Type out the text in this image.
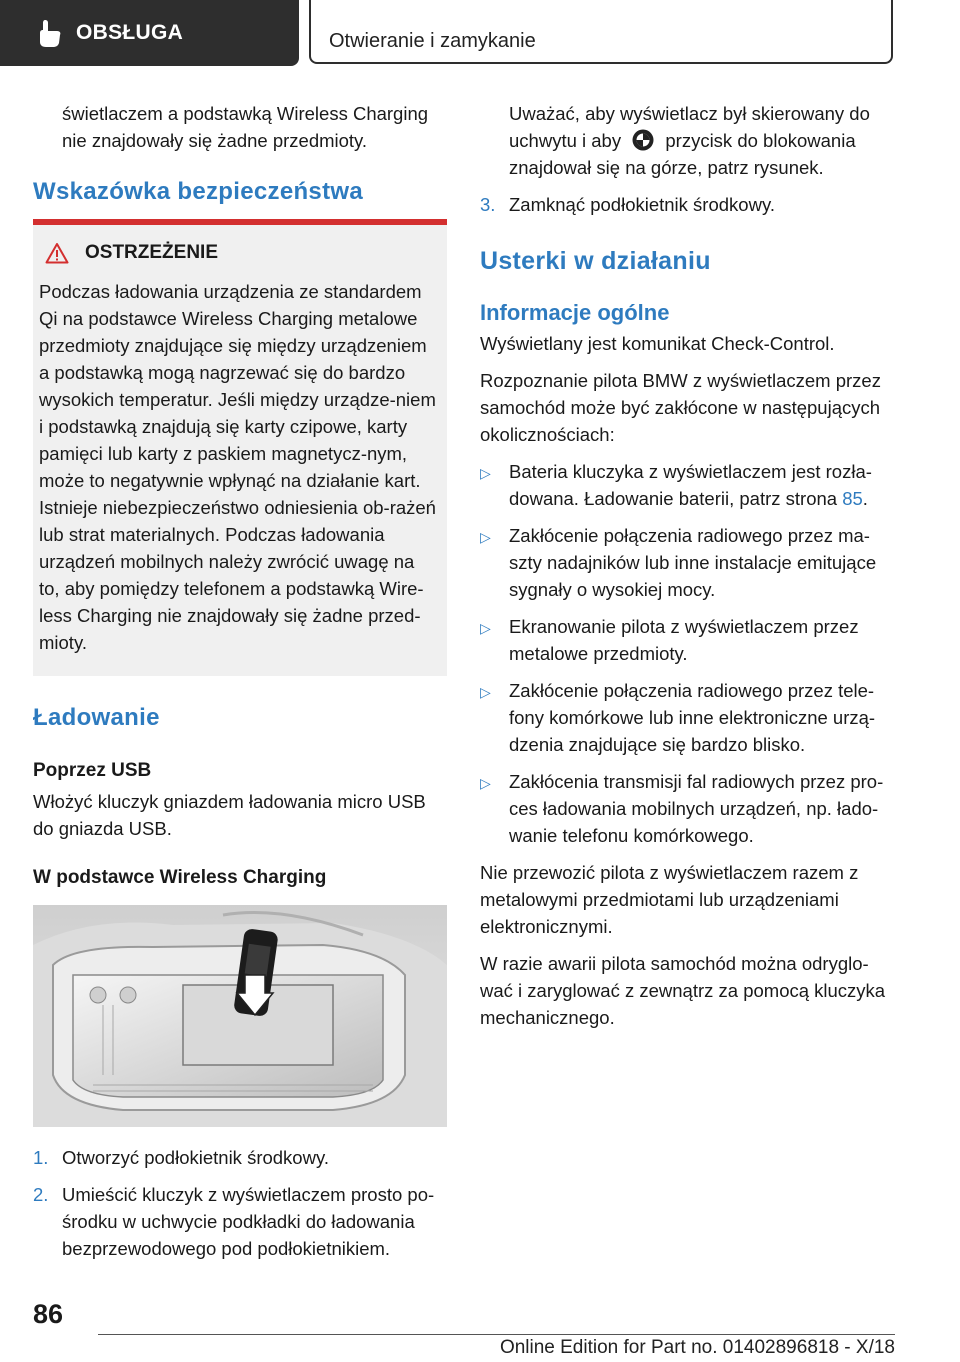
OBSŁUGA	Otwieranie i zamykanie

świetlaczem a podstawką Wireless Charging nie znajdowały się żadne przedmioty.

Wskazówka bezpieczeństwa
OSTRZEŻENIE

Podczas ładowania urządzenia ze standardem Qi na podstawce Wireless Charging metalowe przedmioty znajdujące się między urządzeniem a podstawką mogą nagrzewać się do bardzo wysokich temperatur. Jeśli między urządze-niem i podstawką znajdują się karty czipowe, karty pamięci lub karty z paskiem magnetycz-nym, może to negatywnie wpłynąć na działanie kart. Istnieje niebezpieczeństwo odniesienia ob-rażeń lub strat materialnych. Podczas ładowania urządzeń mobilnych należy zwrócić uwagę na to, aby pomiędzy telefonem a podstawką Wire-less Charging nie znajdowały się żadne przed-mioty.

Ładowanie
Poprzez USB

Włożyć kluczyk gniazdem ładowania micro USB do gniazda USB.

W podstawce Wireless Charging
1. Otworzyć podłokietnik środkowy.
2. Umieścić kluczyk z wyświetlaczem prosto po-środku w uchwycie podkładki do ładowania bezprzewodowego pod podłokietnikiem.

Uważać, aby wyświetlacz był skierowany do uchwytu i aby przycisk do blokowania znajdował się na górze, patrz rysunek.

3. Zamknąć podłokietnik środkowy.
Usterki w działaniu
Informacje ogólne

Wyświetlany jest komunikat Check-Control.

Rozpoznanie pilota BMW z wyświetlaczem przez samochód może być zakłócone w następujących okolicznościach:

▷ Bateria kluczyka z wyświetlaczem jest rozła-dowana. Ładowanie baterii, patrz strona 85.
▷ Zakłócenie połączenia radiowego przez ma-szty nadajników lub inne instalacje emitujące sygnały o wysokiej mocy.
▷ Ekranowanie pilota z wyświetlaczem przez metalowe przedmioty.
▷ Zakłócenie połączenia radiowego przez tele-fony komórkowe lub inne elektroniczne urzą-dzenia znajdujące się bardzo blisko.
▷ Zakłócenia transmisji fal radiowych przez pro-ces ładowania mobilnych urządzeń, np. łado-wanie telefonu komórkowego.

Nie przewozić pilota z wyświetlaczem razem z metalowymi przedmiotami lub urządzeniami elektronicznymi.

W razie awarii pilota samochód można odryglo-wać i zaryglować z zewnątrz za pomocą kluczyka mechanicznego.

86
Online Edition for Part no. 01402896818 - X/18
